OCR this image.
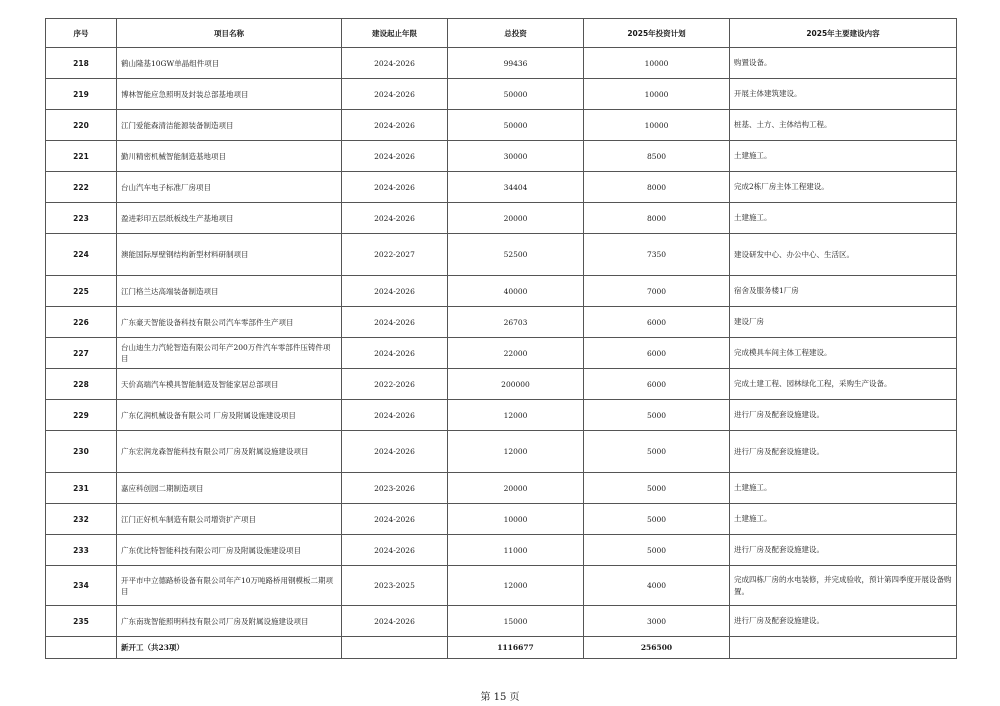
序号	项目名称	建设起止年限	总投资	2025年投资计划	2025年主要建设内容
218	鹤山隆基10GW单晶组件项目	2024-2026	99436	10000	购置设备。
219	博林智能应急照明及封装总部基地项目	2024-2026	50000	10000	开展主体建筑建设。
220	江门爱能森清洁能源装备制造项目	2024-2026	50000	10000	桩基、土方、主体结构工程。
221	勤川精密机械智能制造基地项目	2024-2026	30000	8500	土建施工。
222	台山汽车电子标准厂房项目	2024-2026	34404	8000	完成2栋厂房主体工程建设。
223	盈进彩印五层纸板线生产基地项目	2024-2026	20000	8000	土建施工。
224	澳能国际厚壁钢结构新型材料研制项目	2022-2027	52500	7350	建设研发中心、办公中心、生活区。
225	江门格兰达高端装备制造项目	2024-2026	40000	7000	宿舍及服务楼1厂房
226	广东豪天智能设备科技有限公司汽车零部件生产项目	2024-2026	26703	6000	建设厂房
227	台山迪生力汽轮智造有限公司年产200万件汽车零部件压铸件项目	2024-2026	22000	6000	完成模具车间主体工程建设。
228	天价高端汽车模具智能制造及智能家居总部项目	2022-2026	200000	6000	完成土建工程、园林绿化工程，采购生产设备。
229	广东亿润机械设备有限公司 厂房及附属设施建设项目	2024-2026	12000	5000	进行厂房及配套设施建设。
230	广东宏润龙森智能科技有限公司厂房及附属设施建设项目	2024-2026	12000	5000	进行厂房及配套设施建设。
231	嘉应科创园二期制造项目	2023-2026	20000	5000	土建施工。
232	江门正好机车制造有限公司增资扩产项目	2024-2026	10000	5000	土建施工。
233	广东优比特智能科技有限公司厂房及附属设施建设项目	2024-2026	11000	5000	进行厂房及配套设施建设。
234	开平市中立德路桥设备有限公司年产10万吨路桥用钢模板二期项目	2023-2025	12000	4000	完成四栋厂房的水电装修，并完成验收，预计第四季度开展设备购置。
235	广东南珑智能照明科技有限公司厂房及附属设施建设项目	2024-2026	15000	3000	进行厂房及配套设施建设。
	新开工（共23项）		1116677	256500	
第 15 页
